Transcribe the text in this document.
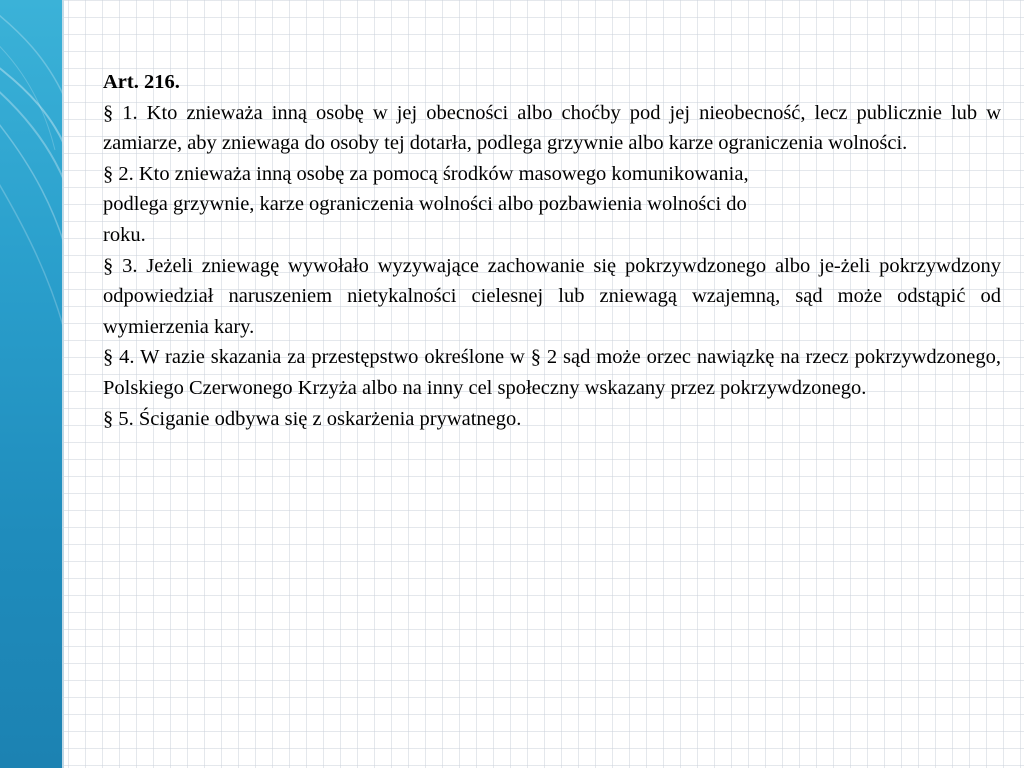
Art. 216.

§ 1. Kto znieważa inną osobę w jej obecności albo choćby pod jej nieobecność, lecz publicznie lub w zamiarze, aby zniewaga do osoby tej dotarła, podlega grzywnie albo karze ograniczenia wolności.

§ 2. Kto znieważa inną osobę za pomocą środków masowego komunikowania,
podlega grzywnie, karze ograniczenia wolności albo pozbawienia wolności do
roku.

§ 3. Jeżeli zniewagę wywołało wyzywające zachowanie się pokrzywdzonego albo je-żeli pokrzywdzony odpowiedział naruszeniem nietykalności cielesnej lub zniewagą wzajemną, sąd może odstąpić od wymierzenia kary.

§ 4. W razie skazania za przestępstwo określone w § 2 sąd może orzec nawiązkę na rzecz pokrzywdzonego, Polskiego Czerwonego Krzyża albo na inny cel społeczny wskazany przez pokrzywdzonego.

§ 5. Ściganie odbywa się z oskarżenia prywatnego.
